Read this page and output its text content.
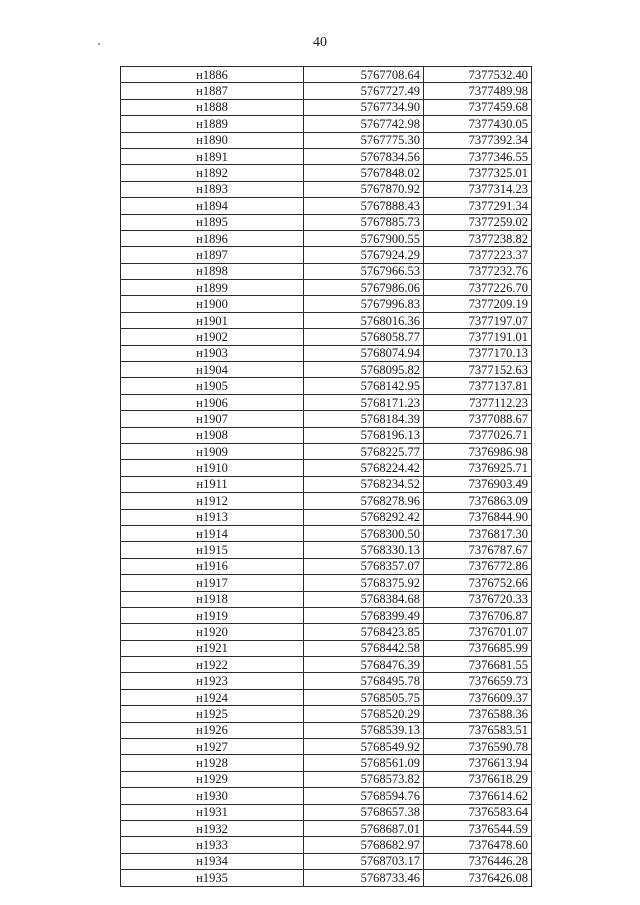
40
н1886	5767708.64	7377532.40
н1887	5767727.49	7377489.98
н1888	5767734.90	7377459.68
н1889	5767742.98	7377430.05
н1890	5767775.30	7377392.34
н1891	5767834.56	7377346.55
н1892	5767848.02	7377325.01
н1893	5767870.92	7377314.23
н1894	5767888.43	7377291.34
н1895	5767885.73	7377259.02
н1896	5767900.55	7377238.82
н1897	5767924.29	7377223.37
н1898	5767966.53	7377232.76
н1899	5767986.06	7377226.70
н1900	5767996.83	7377209.19
н1901	5768016.36	7377197.07
н1902	5768058.77	7377191.01
н1903	5768074.94	7377170.13
н1904	5768095.82	7377152.63
н1905	5768142.95	7377137.81
н1906	5768171.23	7377112.23
н1907	5768184.39	7377088.67
н1908	5768196.13	7377026.71
н1909	5768225.77	7376986.98
н1910	5768224.42	7376925.71
н1911	5768234.52	7376903.49
н1912	5768278.96	7376863.09
н1913	5768292.42	7376844.90
н1914	5768300.50	7376817.30
н1915	5768330.13	7376787.67
н1916	5768357.07	7376772.86
н1917	5768375.92	7376752.66
н1918	5768384.68	7376720.33
н1919	5768399.49	7376706.87
н1920	5768423.85	7376701.07
н1921	5768442.58	7376685.99
н1922	5768476.39	7376681.55
н1923	5768495.78	7376659.73
н1924	5768505.75	7376609.37
н1925	5768520.29	7376588.36
н1926	5768539.13	7376583.51
н1927	5768549.92	7376590.78
н1928	5768561.09	7376613.94
н1929	5768573.82	7376618.29
н1930	5768594.76	7376614.62
н1931	5768657.38	7376583.64
н1932	5768687.01	7376544.59
н1933	5768682.97	7376478.60
н1934	5768703.17	7376446.28
н1935	5768733.46	7376426.08
